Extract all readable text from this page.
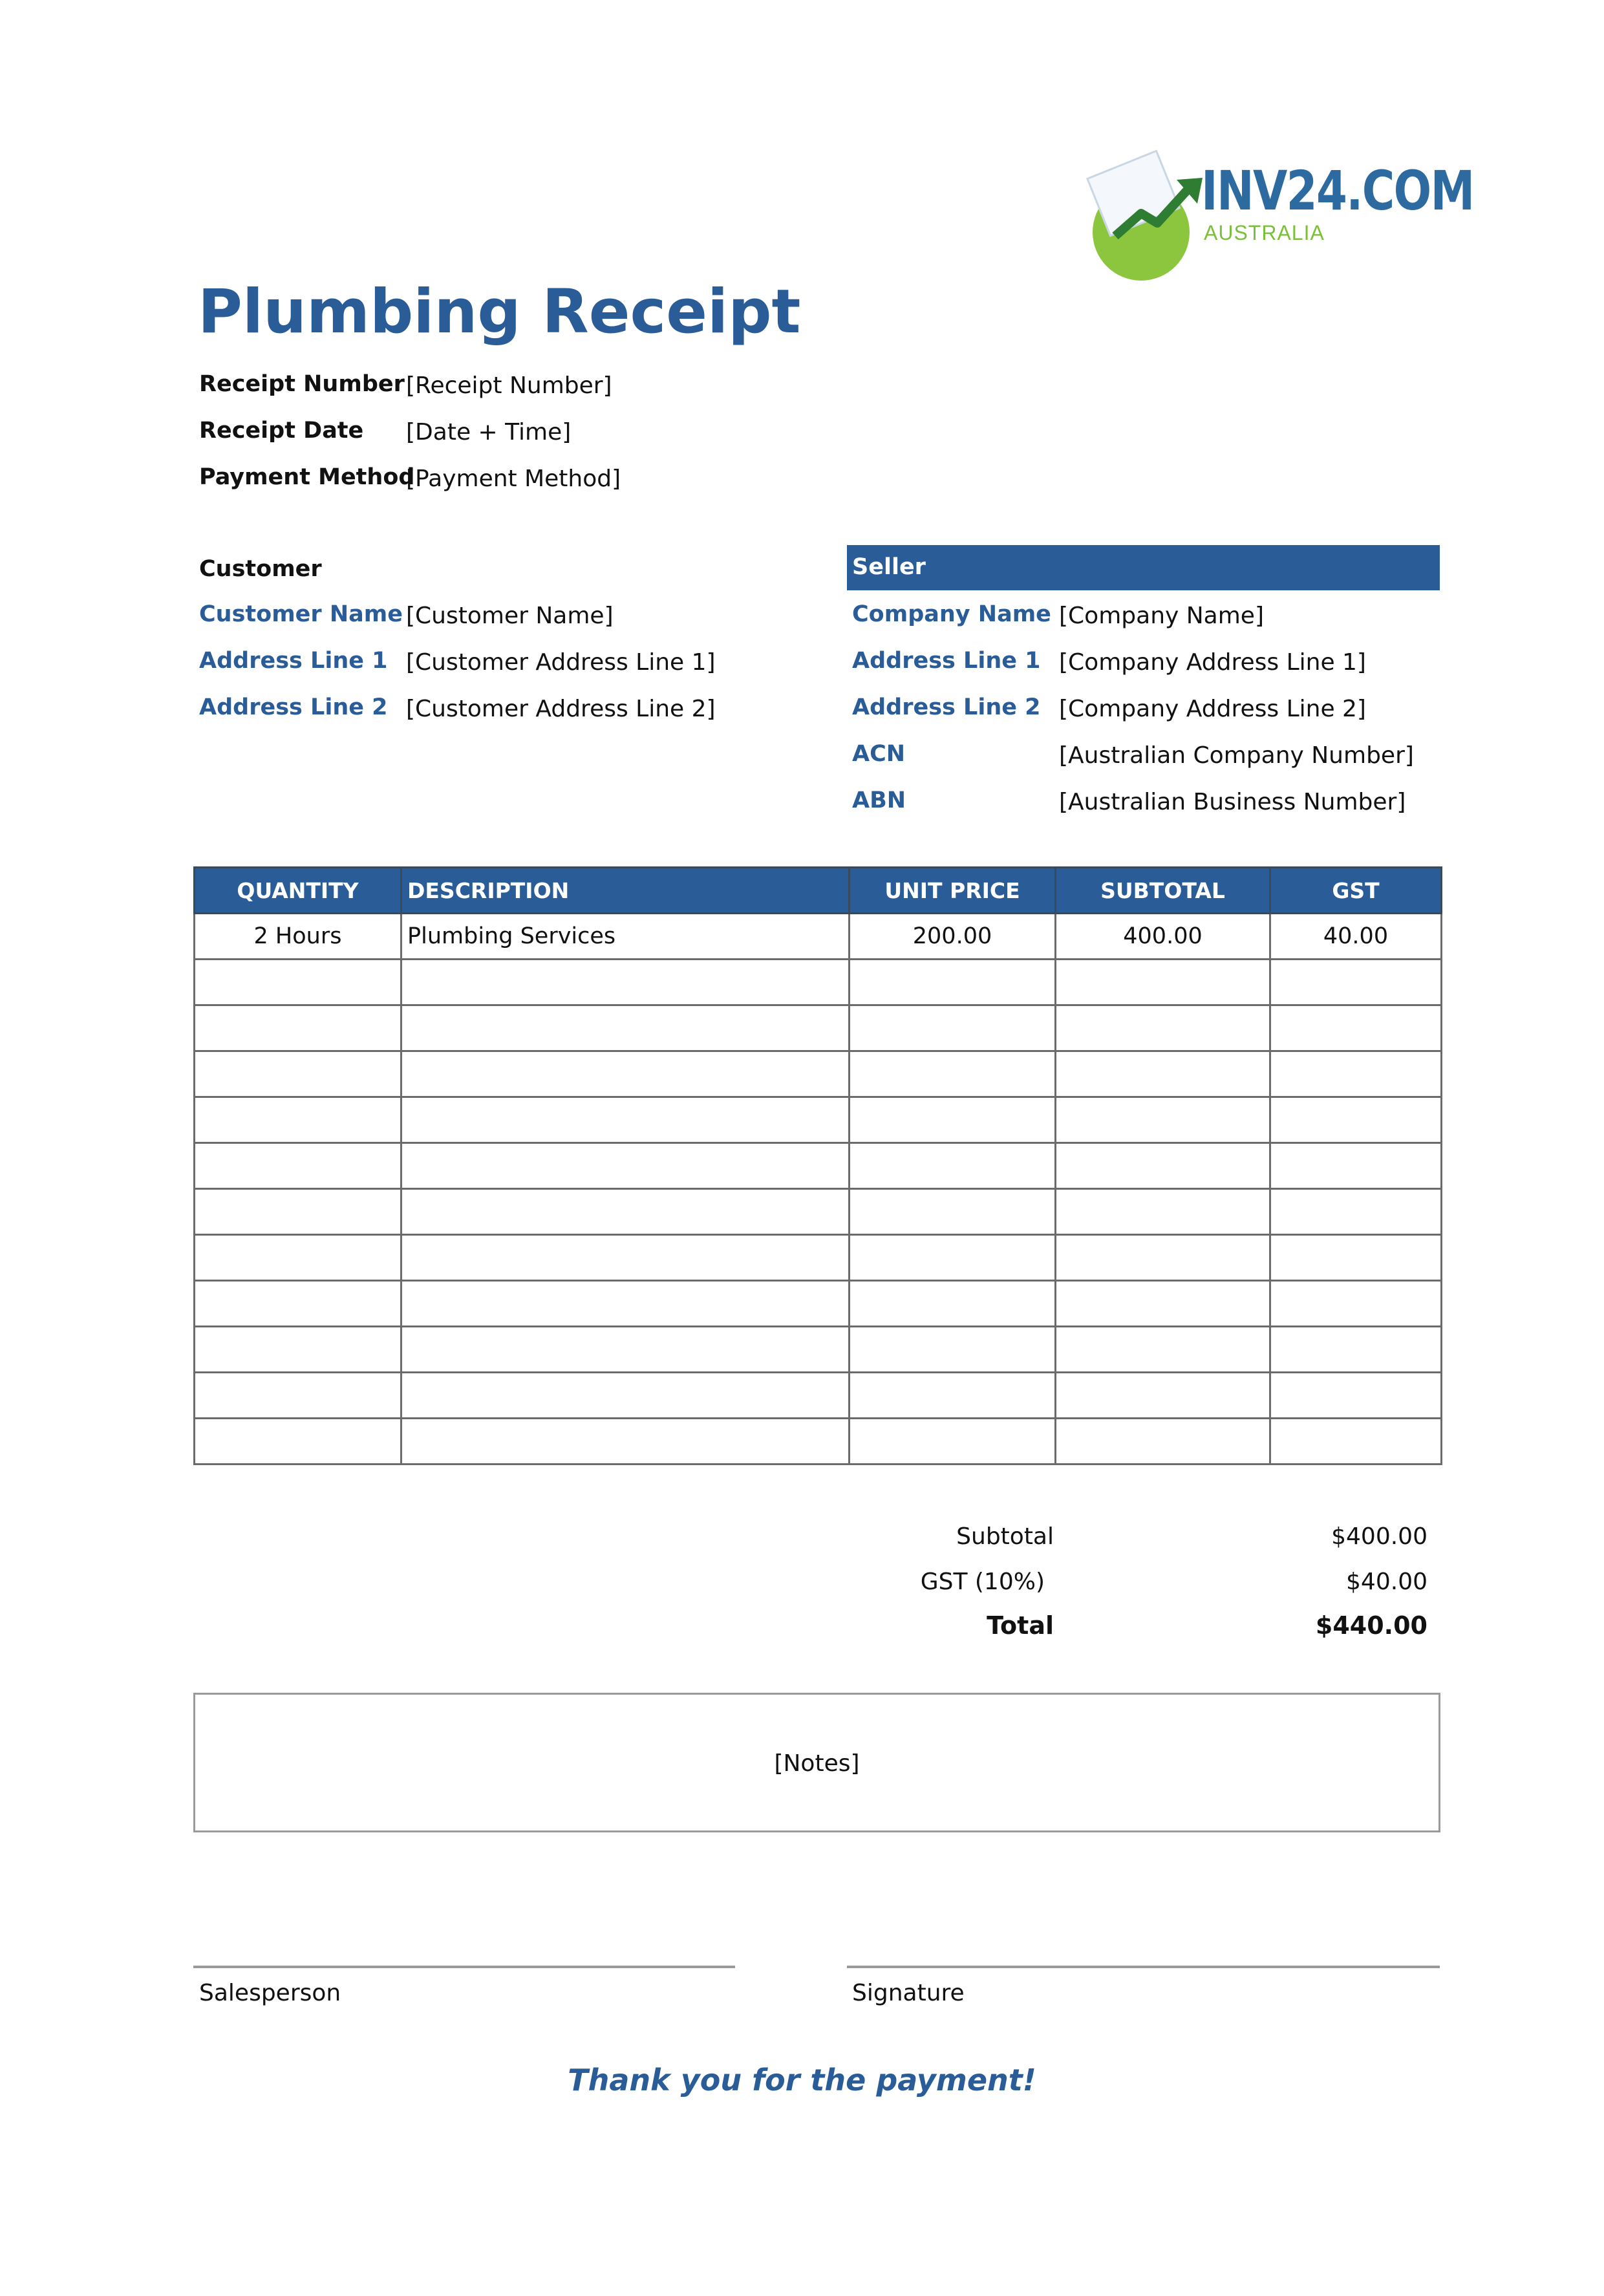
INV24.COM
AUSTRALIA
Plumbing Receipt
Receipt Number [Receipt Number]
Receipt Date [Date + Time]
Payment Method
[Payment Method]
Customer
Customer Name [Customer Name]
Address Line 1 [Customer Address Line 1]
Address Line 2 [Customer Address Line 2]
Seller
Company Name [Company Name]
Address Line 1 [Company Address Line 1]
Address Line 2 [Company Address Line 2]
ACN	[Australian Company Number]
ABN	[Australian Business Number]
QUANTITY	DESCRIPTION	UNIT PRICE	SUBTOTAL	GST
2 Hours	Plumbing Services	200.00	400.00	40.00

Subtotal	$400.00
GST (10%)	$40.00
Total	$440.00
[Notes]
Salesperson	Signature
Thank you for the payment!
